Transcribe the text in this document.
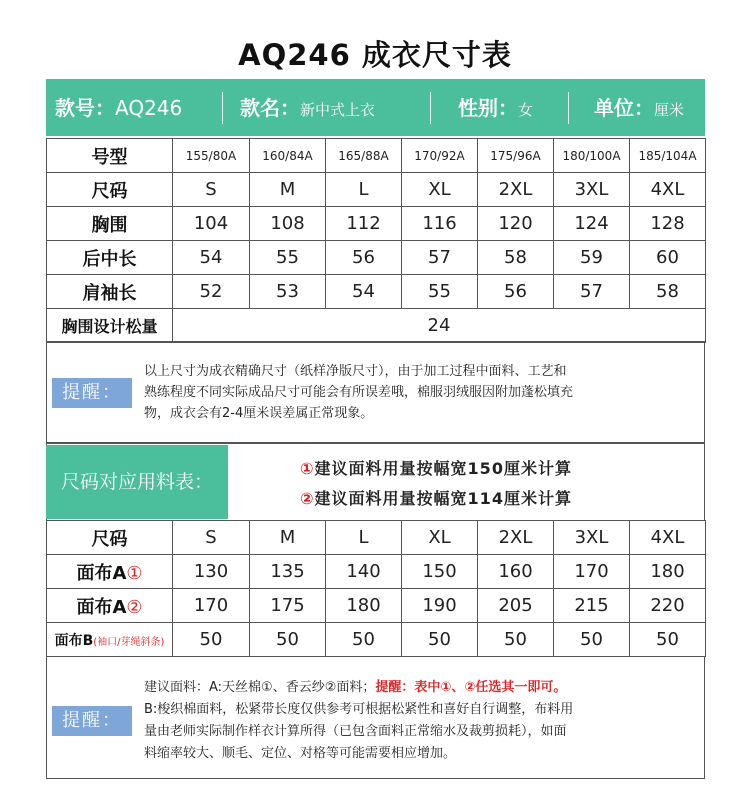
AQ246 成衣尺寸表
款号：AQ246	款名：新中式上衣	性别：女	单位：厘米
号型	155/80A	160/84A	165/88A	170/92A	175/96A	180/100A	185/104A
尺码	S	M	L	XL	2XL	3XL	4XL
胸围	104	108	112	116	120	124	128
后中长	54	55	56	57	58	59	60
肩袖长	52	53	54	55	56	57	58
胸围设计松量	24						
提醒：
以上尺寸为成衣精确尺寸（纸样净版尺寸），由于加工过程中面料、工艺和
熟练程度不同实际成品尺寸可能会有所误差哦，棉服羽绒服因附加蓬松填充
物，成衣会有2-4厘米误差属正常现象。
尺码对应用料表：
①建议面料用量按幅宽150厘米计算
②建议面料用量按幅宽114厘米计算
尺码	S	M	L	XL	2XL	3XL	4XL
面布A①	130	135	140	150	160	170	180
面布A②	170	175	180	190	205	215	220
面布B(袖口/芽绳斜条)	50	50	50	50	50	50	50
提醒：
建议面料：A:天丝棉①、香云纱②面料；提醒：表中①、②任选其一即可。
B:梭织棉面料，松紧带长度仅供参考可根据松紧性和喜好自行调整，布料用
量由老师实际制作样衣计算所得（已包含面料正常缩水及裁剪损耗），如面
料缩率较大、顺毛、定位、对格等可能需要相应增加。
